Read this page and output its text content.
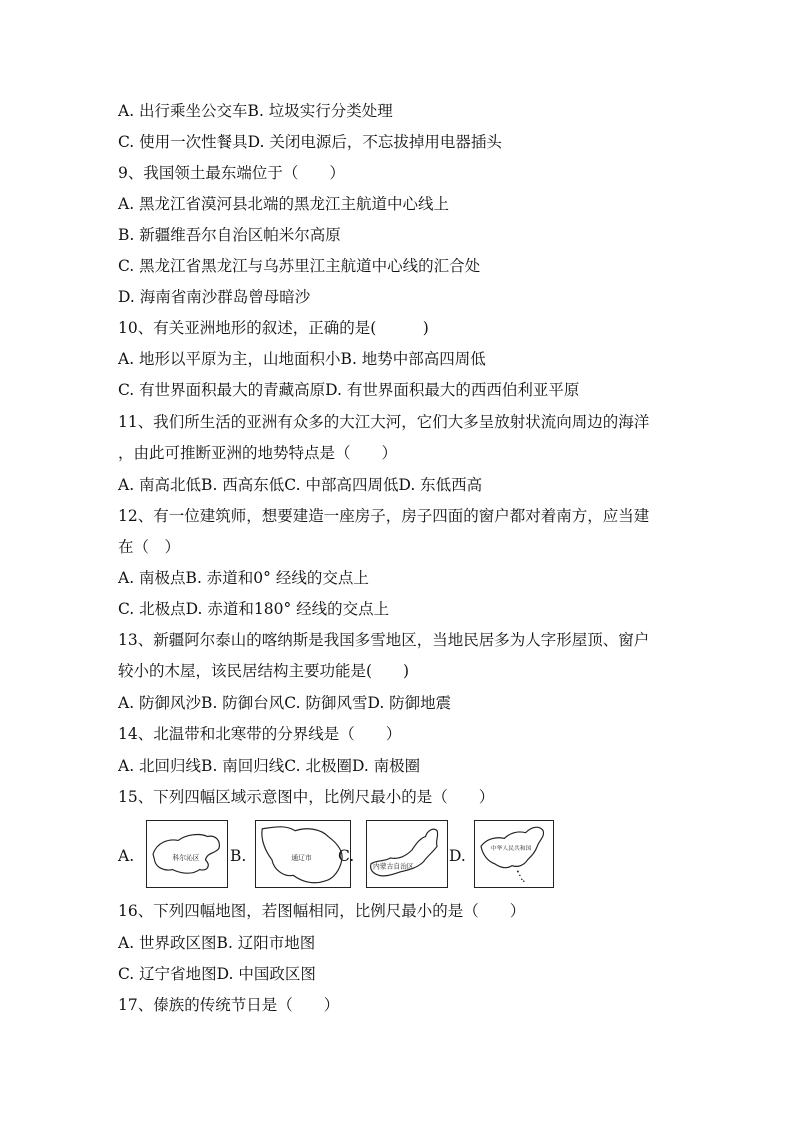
A. 出行乘坐公交车B. 垃圾实行分类处理
C. 使用一次性餐具D. 关闭电源后，不忘拔掉用电器插头
9、我国领土最东端位于（　　）
A. 黑龙江省漠河县北端的黑龙江主航道中心线上
B. 新疆维吾尔自治区帕米尔高原
C. 黑龙江省黑龙江与乌苏里江主航道中心线的汇合处
D. 海南省南沙群岛曾母暗沙
10、有关亚洲地形的叙述，正确的是(　　　)
A. 地形以平原为主，山地面积小B. 地势中部高四周低
C. 有世界面积最大的青藏高原D. 有世界面积最大的西西伯利亚平原
11、我们所生活的亚洲有众多的大江大河，它们大多呈放射状流向周边的海洋
，由此可推断亚洲的地势特点是（　　）
A. 南高北低B. 西高东低C. 中部高四周低D. 东低西高
12、有一位建筑师，想要建造一座房子，房子四面的窗户都对着南方，应当建
在（　）
A. 南极点B. 赤道和0° 经线的交点上
C. 北极点D. 赤道和180° 经线的交点上
13、新疆阿尔泰山的喀纳斯是我国多雪地区，当地民居多为人字形屋顶、窗户
较小的木屋，该民居结构主要功能是(　　)
A. 防御风沙B. 防御台风C. 防御风雪D. 防御地震
14、北温带和北寒带的分界线是（　　）
A. 北回归线B. 南回归线C. 北极圈D. 南极圈
15、下列四幅区域示意图中，比例尺最小的是（　　）
A.	科尔沁区 B.	通辽市 C.
内蒙古自治区
D.	中华人民共和国
16、下列四幅地图，若图幅相同，比例尺最小的是（　　）
A. 世界政区图B. 辽阳市地图
C. 辽宁省地图D. 中国政区图
17、傣族的传统节日是（　　）
